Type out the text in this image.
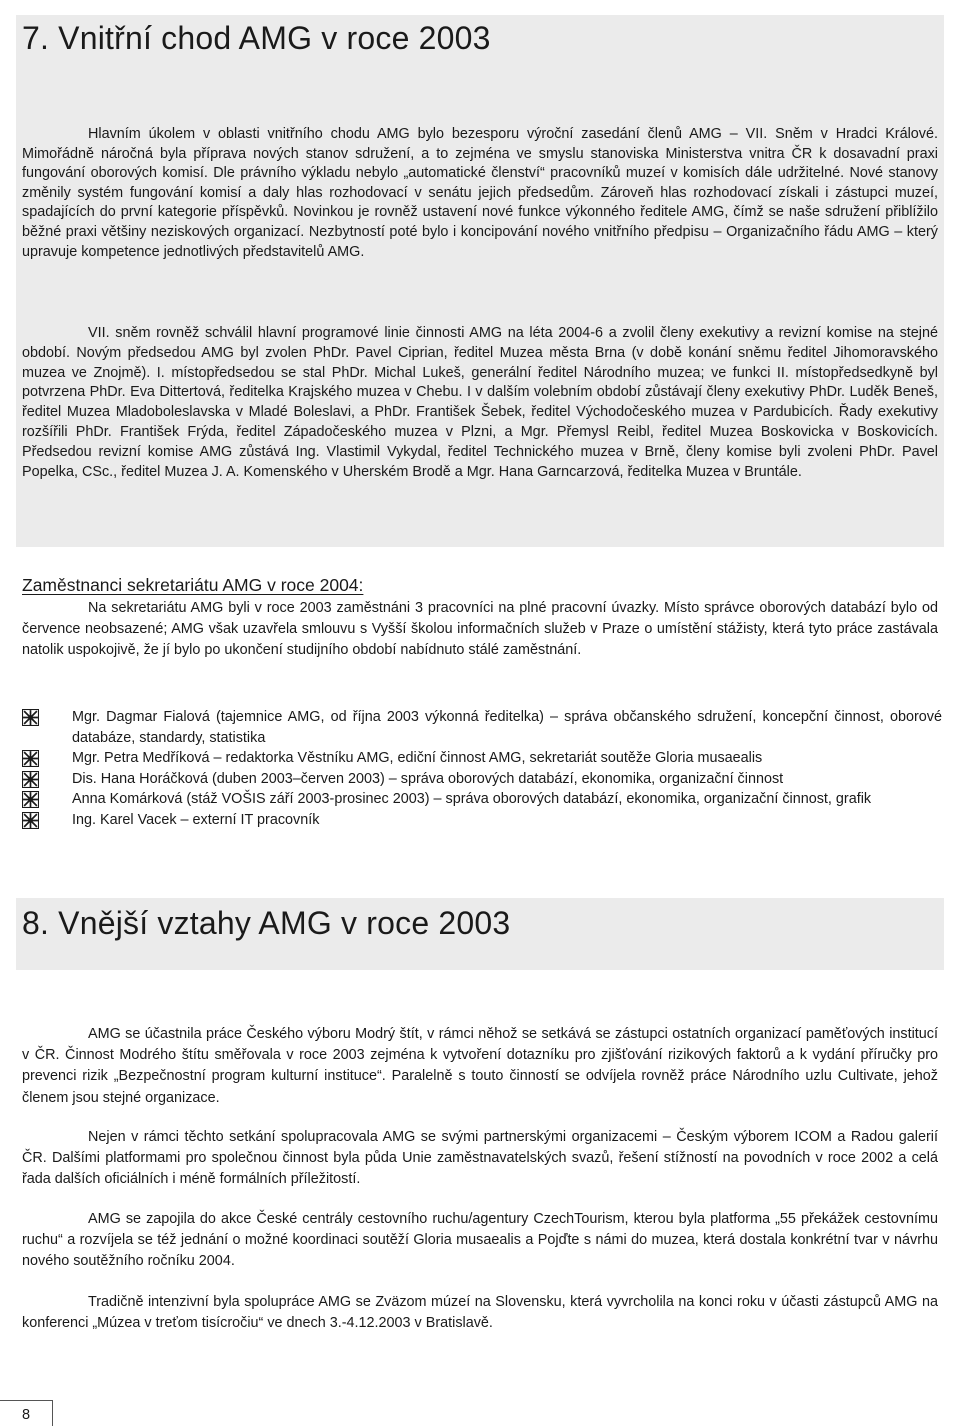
7. Vnitřní chod AMG v roce 2003

Hlavním úkolem v oblasti vnitřního chodu AMG bylo bezesporu výroční zasedání členů AMG – VII. Sněm v Hradci Králové. Mimořádně náročná byla příprava nových stanov sdružení, a to zejména ve smyslu stanoviska Ministerstva vnitra ČR k dosavadní praxi fungování oborových komisí. Dle právního výkladu nebylo „automatické členství“ pracovníků muzeí v komisích dále udržitelné. Nové stanovy změnily systém fungování komisí a daly hlas rozhodovací v senátu jejich předsedům. Zároveň hlas rozhodovací získali i zástupci muzeí, spadajících do první kategorie příspěvků. Novinkou je rovněž ustavení nové funkce výkonného ředitele AMG, čímž se naše sdružení přiblížilo běžné praxi většiny neziskových organizací. Nezbytností poté bylo i koncipování nového vnitřního předpisu – Organizačního řádu AMG – který upravuje kompetence jednotlivých představitelů AMG.

VII. sněm rovněž schválil hlavní programové linie činnosti AMG na léta 2004-6 a zvolil členy exekutivy a revizní komise na stejné období. Novým předsedou AMG byl zvolen PhDr. Pavel Ciprian, ředitel Muzea města Brna (v době konání sněmu ředitel Jihomoravského muzea ve Znojmě). I. místopředsedou se stal PhDr. Michal Lukeš, generální ředitel Národního muzea; ve funkci II. místopředsedkyně byl potvrzena PhDr. Eva Dittertová, ředitelka Krajského muzea v Chebu. I v dalším volebním období zůstávají členy exekutivy PhDr. Luděk Beneš, ředitel Muzea Mladoboleslavska v Mladé Boleslavi, a PhDr. František Šebek, ředitel Východočeského muzea v Pardubicích. Řady exekutivy rozšířili PhDr. František Frýda, ředitel Západočeského muzea v Plzni, a Mgr. Přemysl Reibl, ředitel Muzea Boskovicka v Boskovicích. Předsedou revizní komise AMG zůstává Ing. Vlastimil Vykydal, ředitel Technického muzea v Brně, členy komise byli zvoleni PhDr. Pavel Popelka, CSc., ředitel Muzea J. A. Komenského v Uherském Brodě a Mgr. Hana Garncarzová, ředitelka Muzea v Bruntále.

Zaměstnanci sekretariátu AMG v roce 2004:

Na sekretariátu AMG byli v roce 2003 zaměstnáni 3 pracovníci na plné pracovní úvazky. Místo správce oborových databází bylo od července neobsazené; AMG však uzavřela smlouvu s Vyšší školou informačních služeb v Praze o umístění stážisty, která tyto práce zastávala natolik uspokojivě, že jí bylo po ukončení studijního období nabídnuto stálé zaměstnání.

Mgr. Dagmar Fialová (tajemnice AMG, od října 2003 výkonná ředitelka) – správa občanského sdružení, koncepční činnost, oborové databáze, standardy, statistika
Mgr. Petra Medříková – redaktorka Věstníku AMG, ediční činnost AMG, sekretariát soutěže Gloria musaealis
Dis. Hana Horáčková (duben 2003–červen 2003) – správa oborových databází, ekonomika, organizační činnost
Anna Komárková (stáž VOŠIS září 2003-prosinec 2003) – správa oborových databází, ekonomika, organizační činnost, grafik
Ing. Karel Vacek – externí IT pracovník
8. Vnější vztahy AMG v roce 2003

AMG se účastnila práce Českého výboru Modrý štít, v rámci něhož se setkává se zástupci ostatních organizací paměťových institucí v ČR. Činnost Modrého štítu směřovala v roce 2003 zejména k vytvoření dotazníku pro zjišťování rizikových faktorů a k vydání příručky pro prevenci rizik „Bezpečnostní program kulturní instituce“. Paralelně s touto činností se odvíjela rovněž práce Národního uzlu Cultivate, jehož členem jsou stejné organizace.

Nejen v rámci těchto setkání spolupracovala AMG se svými partnerskými organizacemi – Českým výborem ICOM a Radou galerií ČR. Dalšími platformami pro společnou činnost byla půda Unie zaměstnavatelských svazů, řešení stížností na povodních v roce 2002 a celá řada dalších oficiálních i méně formálních příležitostí.

AMG se zapojila do akce České centrály cestovního ruchu/agentury CzechTourism, kterou byla platforma „55 překážek cestovnímu ruchu“ a rozvíjela se též jednání o možné koordinaci soutěží Gloria musaealis a Pojďte s námi do muzea, která dostala konkrétní tvar v návrhu nového soutěžního ročníku 2004.

Tradičně intenzivní byla spolupráce AMG se Zväzom múzeí na Slovensku, která vyvrcholila na konci roku v účasti zástupců AMG na konferenci „Múzea v treťom tisícročiu“ ve dnech 3.-4.12.2003 v Bratislavě.

8
